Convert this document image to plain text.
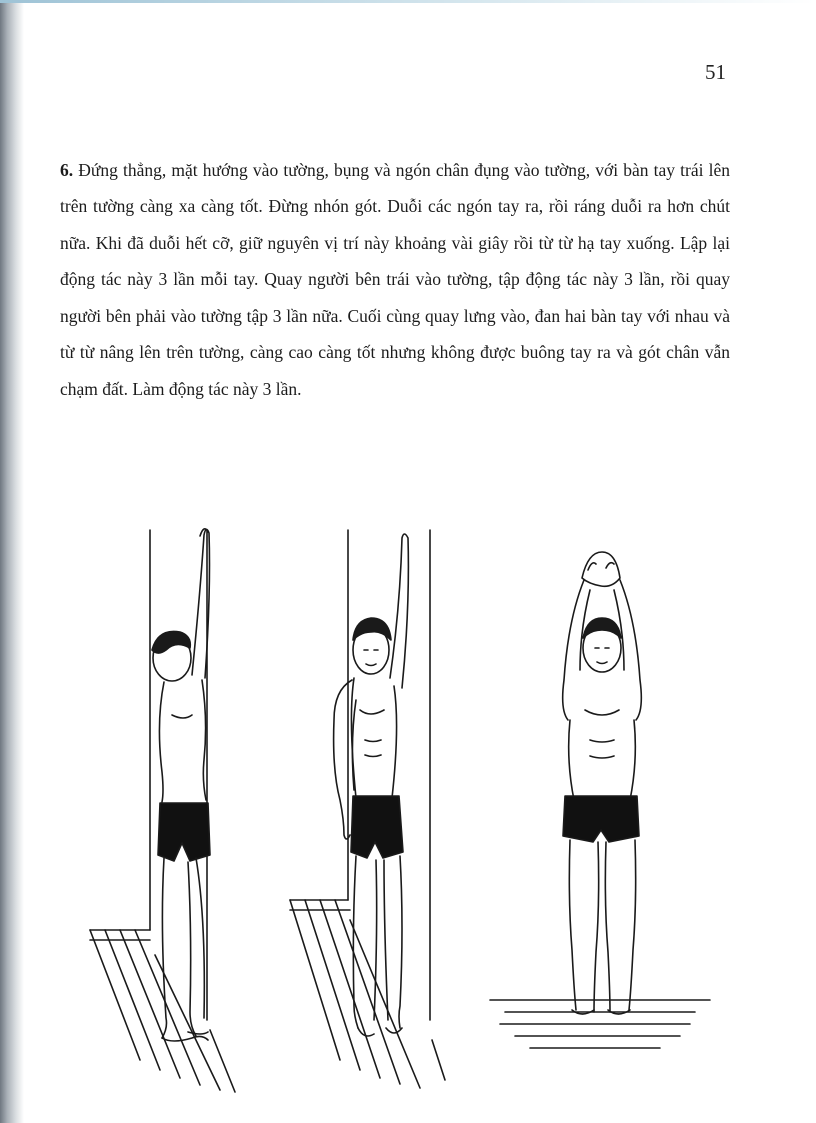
51

6. Đứng thẳng, mặt hướng vào tường, bụng và ngón chân đụng vào tường, với bàn tay trái lên trên tường càng xa càng tốt. Đừng nhón gót. Duỗi các ngón tay ra, rồi ráng duỗi ra hơn chút nữa. Khi đã duỗi hết cỡ, giữ nguyên vị trí này khoảng vài giây rồi từ từ hạ tay xuống. Lập lại động tác này 3 lần mỗi tay. Quay người bên trái vào tường, tập động tác này 3 lần, rồi quay người bên phải vào tường tập 3 lần nữa. Cuối cùng quay lưng vào, đan hai bàn tay với nhau và từ từ nâng lên trên tường, càng cao càng tốt nhưng không được buông tay ra và gót chân vẫn chạm đất. Làm động tác này 3 lần.
